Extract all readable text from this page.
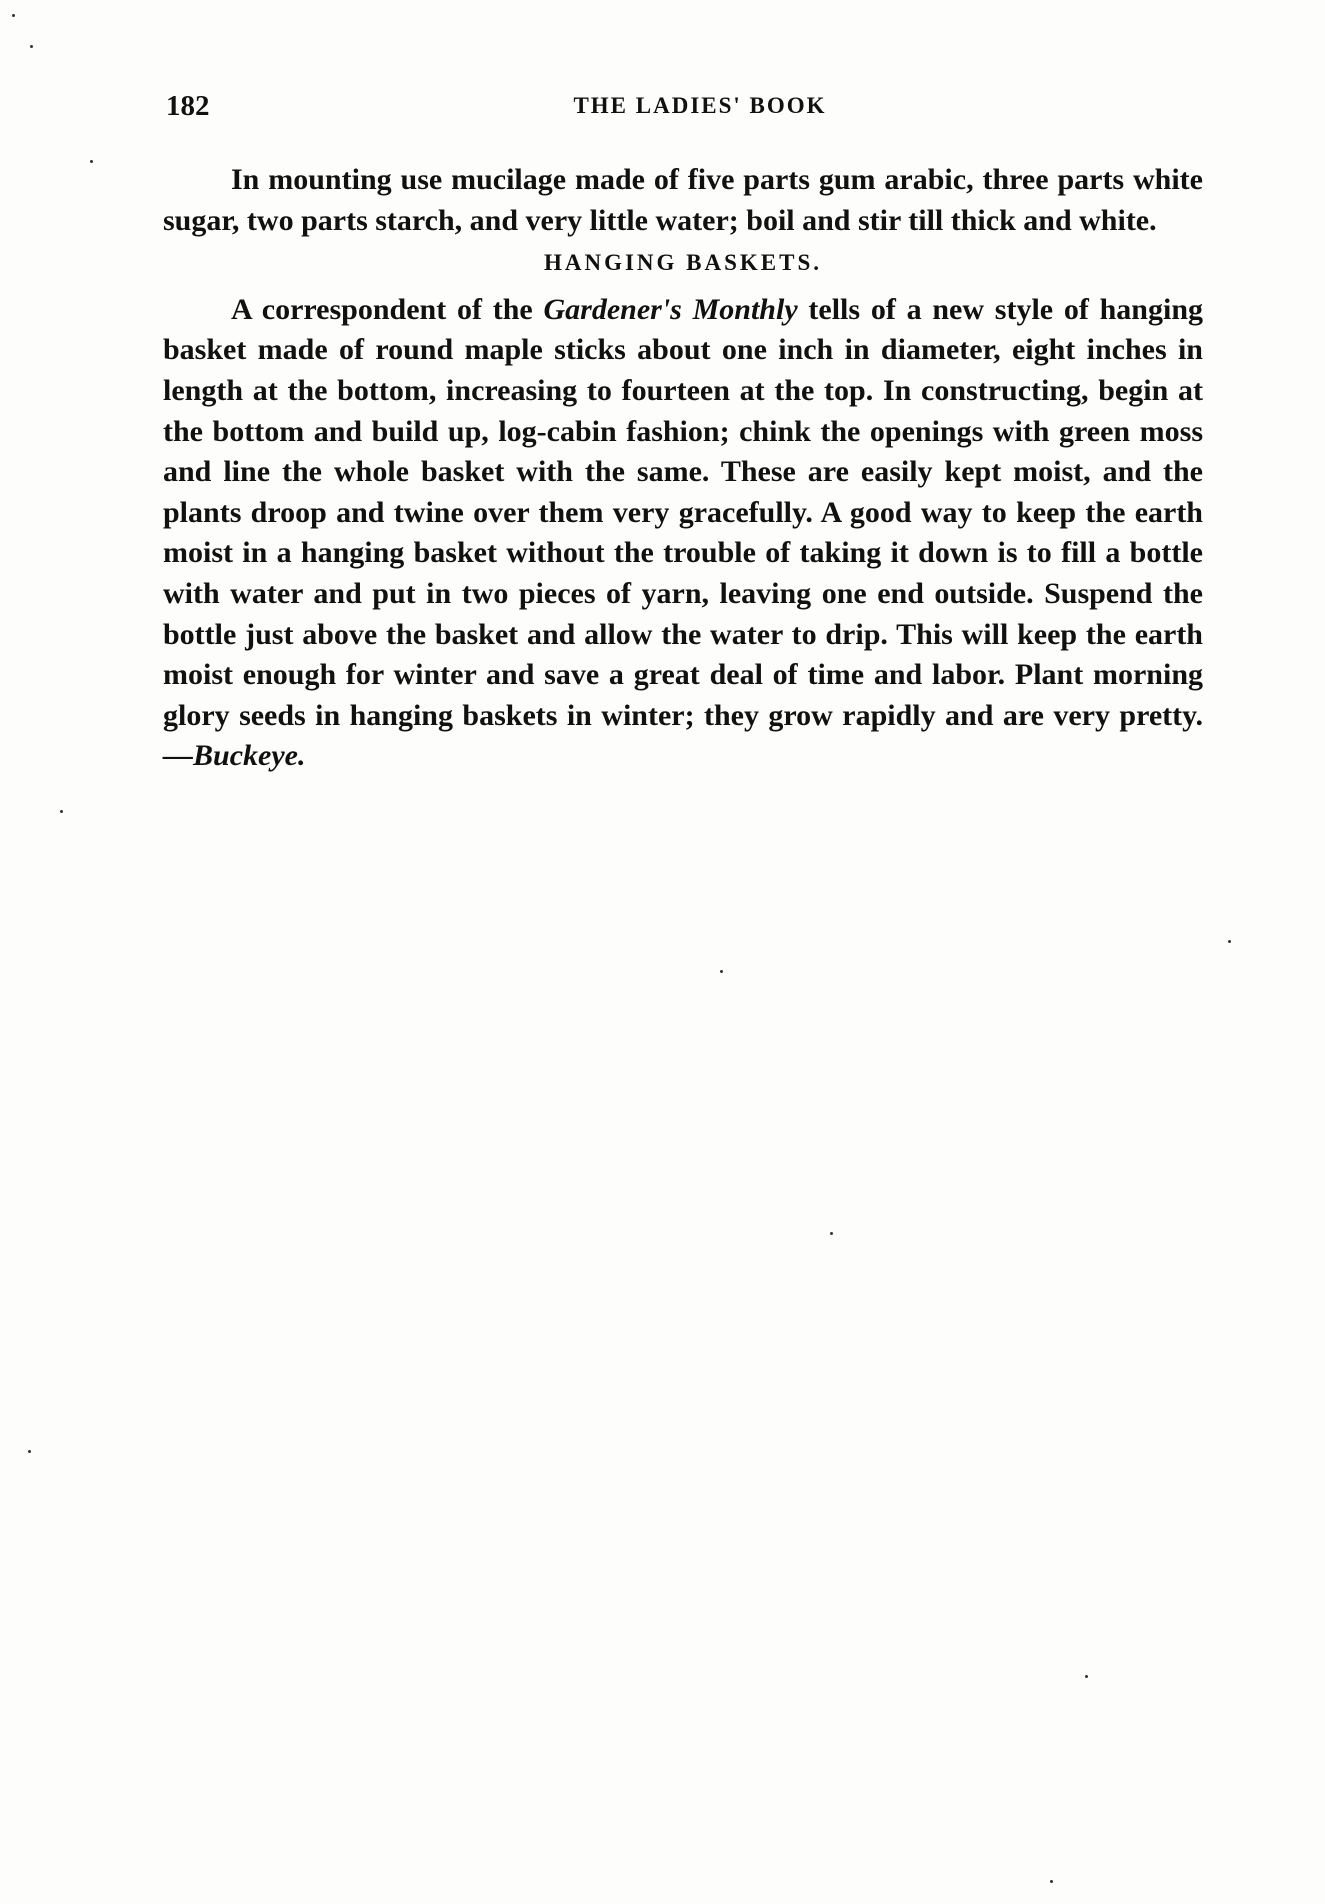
182	THE LADIES' BOOK

In mounting use mucilage made of five parts gum arabic, three parts white sugar, two parts starch, and very little water; boil and stir till thick and white.

HANGING BASKETS.

A correspondent of the Gardener's Monthly tells of a new style of hanging basket made of round maple sticks about one inch in diameter, eight inches in length at the bottom, increasing to fourteen at the top. In constructing, begin at the bottom and build up, log-cabin fashion; chink the openings with green moss and line the whole basket with the same. These are easily kept moist, and the plants droop and twine over them very gracefully. A good way to keep the earth moist in a hanging basket without the trouble of taking it down is to fill a bottle with water and put in two pieces of yarn, leaving one end outside. Suspend the bottle just above the basket and allow the water to drip. This will keep the earth moist enough for winter and save a great deal of time and labor. Plant morning glory seeds in hanging baskets in winter; they grow rapidly and are very pretty.—Buckeye.
